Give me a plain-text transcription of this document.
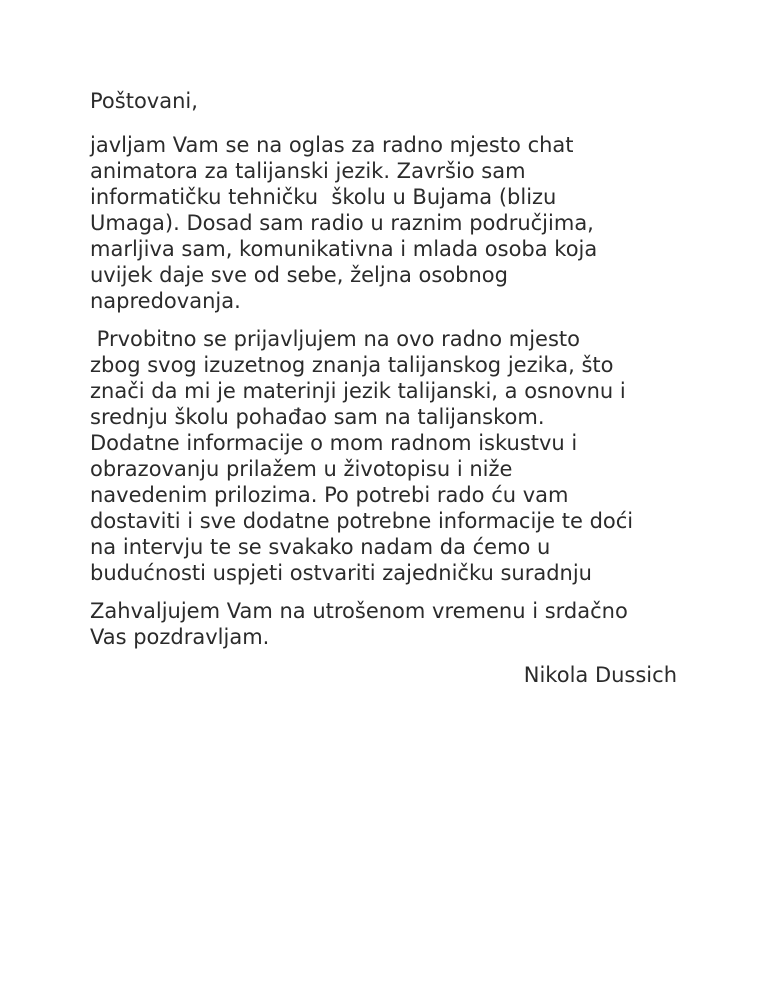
Poštovani,
javljam Vam se na oglas za radno mjesto chat
animatora za talijanski jezik. Završio sam
informatičku tehničku  školu u Bujama (blizu
Umaga). Dosad sam radio u raznim područjima,
marljiva sam, komunikativna i mlada osoba koja
uvijek daje sve od sebe, željna osobnog
napredovanja.
Prvobitno se prijavljujem na ovo radno mjesto
zbog svog izuzetnog znanja talijanskog jezika, što
znači da mi je materinji jezik talijanski, a osnovnu i
srednju školu pohađao sam na talijanskom.
Dodatne informacije o mom radnom iskustvu i
obrazovanju prilažem u životopisu i niže
navedenim prilozima. Po potrebi rado ću vam
dostaviti i sve dodatne potrebne informacije te doći
na intervju te se svakako nadam da ćemo u
budućnosti uspjeti ostvariti zajedničku suradnju
Zahvaljujem Vam na utrošenom vremenu i srdačno
Vas pozdravljam.
Nikola Dussich
